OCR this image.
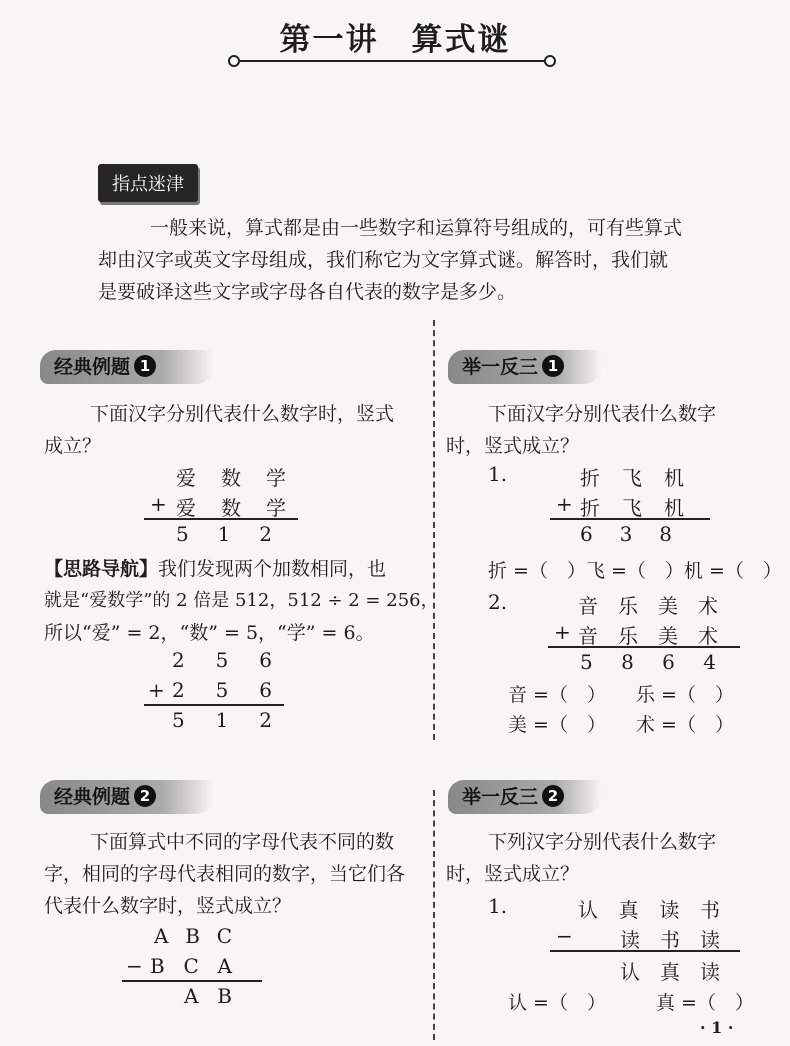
第一讲　算式谜
指点迷津
一般来说，算式都是由一些数字和运算符号组成的，可有些算式
却由汉字或英文字母组成，我们称它为文字算式谜。解答时，我们就
是要破译这些文字或字母各自代表的数字是多少。
经典例题 1
下面汉字分别代表什么数字时，竖式
成立？
爱 数 学
+ 爱 数 学
5 1 2
【思路导航】我们发现两个加数相同，也
就是“爱数学”的 2 倍是 512，512 ÷ 2 = 256，
所以“爱” = 2，“数” = 5，“学” = 6。
2 5 6
+ 2 5 6
5 1 2
举一反三 1
下面汉字分别代表什么数字
时，竖式成立？
1.	折 飞 机
+ 折 飞 机
6 3 8
折 =（　）飞 =（　）机 =（　）
2.	音 乐 美 术
+ 音 乐 美 术
5 8 6 4
音 =（　） 乐 =（　）
美 =（　） 术 =（　）
经典例题 2
下面算式中不同的字母代表不同的数
字，相同的字母代表相同的数字，当它们各
代表什么数字时，竖式成立？
A B C
− B C A
A B
举一反三 2
下列汉字分别代表什么数字
时，竖式成立？
1.	认 真 读 书
− 读 书 读
认 真 读
认 =（　）	真 =（　）
· 1 ·
